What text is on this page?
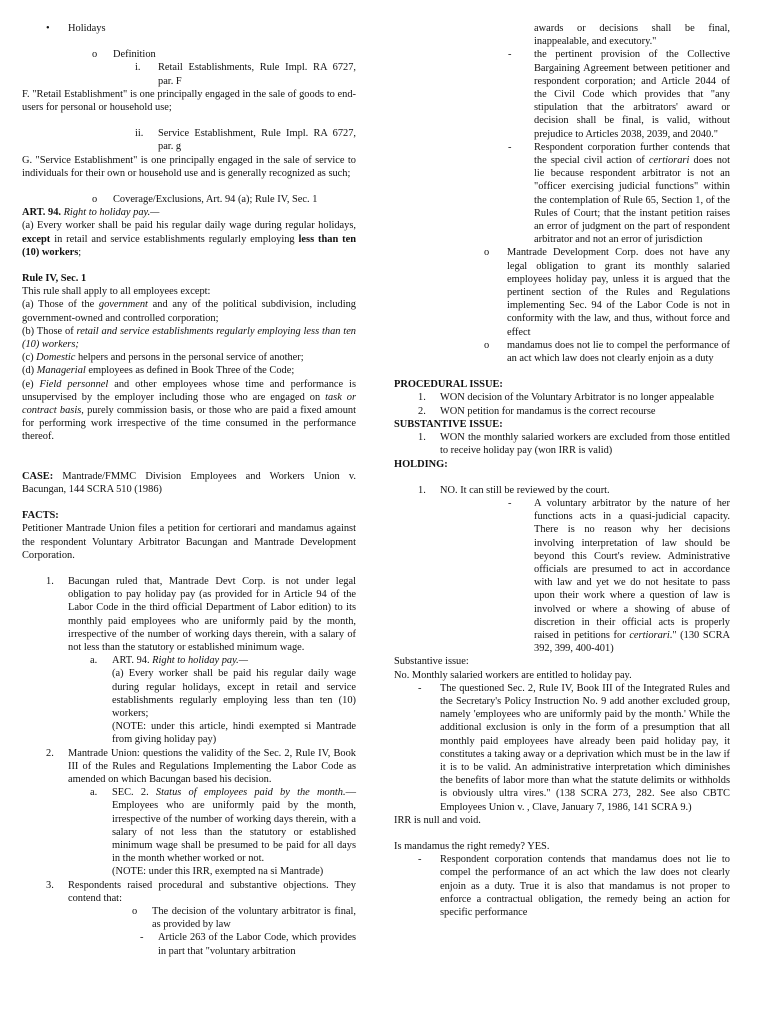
•	Holidays
o	Definition
i.	Retail Establishments, Rule Impl. RA 6727, par. F

F. "Retail Establishment" is one principally engaged in the sale of goods to end-users for personal or household use;

ii.	Service Establishment, Rule Impl. RA 6727, par. g

G. "Service Establishment" is one principally engaged in the sale of service to individuals for their own or household use and is generally recognized as such;

o	Coverage/Exclusions, Art. 94 (a); Rule IV, Sec. 1

ART. 94. Right to holiday pay.—
(a) Every worker shall be paid his regular daily wage during regular holidays, except in retail and service establishments regularly employing less than ten (10) workers;

Rule IV, Sec. 1

This rule shall apply to all employees except:

(a) Those of the government and any of the political subdivision, including government-owned and controlled corporation;

(b) Those of retail and service establishments regularly employing less than ten (10) workers;

(c) Domestic helpers and persons in the personal service of another;

(d) Managerial employees as defined in Book Three of the Code;

(e) Field personnel and other employees whose time and performance is unsupervised by the employer including those who are engaged on task or contract basis, purely commission basis, or those who are paid a fixed amount for performing work irrespective of the time consumed in the performance thereof.

CASE: Mantrade/FMMC Division Employees and Workers Union v. Bacungan, 144 SCRA 510 (1986)

FACTS:

Petitioner Mantrade Union files a petition for certiorari and mandamus against the respondent Voluntary Arbitrator Bacungan and Mantrade Development Corporation.

1.	Bacungan ruled that, Mantrade Devt Corp. is not under legal obligation to pay holiday pay (as provided for in Article 94 of the Labor Code in the third official Department of Labor edition) to its monthly paid employees who are uniformly paid by the month, irrespective of the number of working days therein, with a salary of not less than the statutory or established minimum wage.
a.	ART. 94. Right to holiday pay.—
(a) Every worker shall be paid his regular daily wage during regular holidays, except in retail and service establishments regularly employing less than ten (10) workers;
(NOTE: under this article, hindi exempted si Mantrade from giving holiday pay)
2.	Mantrade Union: questions the validity of the Sec. 2, Rule IV, Book III of the Rules and Regulations Implementing the Labor Code as amended on which Bacungan based his decision.
a.	SEC. 2. Status of employees paid by the month.— Employees who are uniformly paid by the month, irrespective of the number of working days therein, with a salary of not less than the statutory or established minimum wage shall be presumed to be paid for all days in the month whether worked or not.
(NOTE: under this IRR, exempted na si Mantrade)
3.	Respondents raised procedural and substantive objections. They contend that:
o	The decision of the voluntary arbitrator is final, as provided by law
-	Article 263 of the Labor Code, which provides in part that "voluntary arbitration
awards or decisions shall be final, inappealable, and executory."
-	the pertinent provision of the Collective Bargaining Agreement between petitioner and respondent corporation; and Article 2044 of the Civil Code which provides that "any stipulation that the arbitrators' award or decision shall be final, is valid, without prejudice to Articles 2038, 2039, and 2040."
-	Respondent corporation further contends that the special civil action of certiorari does not lie because respondent arbitrator is not an "officer exercising judicial functions" within the contemplation of Rule 65, Section 1, of the Rules of Court; that the instant petition raises an error of judgment on the part of respondent arbitrator and not an error of jurisdiction
o	Mantrade Development Corp. does not have any legal obligation to grant its monthly salaried employees holiday pay, unless it is argued that the pertinent section of the Rules and Regulations implementing Sec. 94 of the Labor Code is not in conformity with the law, and thus, without force and effect
o	mandamus does not lie to compel the performance of an act which law does not clearly enjoin as a duty

PROCEDURAL ISSUE:

1.	WON decision of the Voluntary Arbitrator is no longer appealable
2.	WON petition for mandamus is the correct recourse

SUBSTANTIVE ISSUE:

1.	WON the monthly salaried workers are excluded from those entitled to receive holiday pay (won IRR is valid)

HOLDING:

1.	NO. It can still be reviewed by the court.
-	A voluntary arbitrator by the nature of her functions acts in a quasi-judicial capacity. There is no reason why her decisions involving interpretation of law should be beyond this Court's review. Administrative officials are presumed to act in accordance with law and yet we do not hesitate to pass upon their work where a question of law is involved or where a showing of abuse of discretion in their official acts is properly raised in petitions for certiorari." (130 SCRA 392, 399, 400-401)

Substantive issue:

No. Monthly salaried workers are entitled to holiday pay.

-	The questioned Sec. 2, Rule IV, Book III of the Integrated Rules and the Secretary's Policy Instruction No. 9 add another excluded group, namely 'employees who are uniformly paid by the month.' While the additional exclusion is only in the form of a presumption that all monthly paid employees have already been paid holiday pay, it constitutes a taking away or a deprivation which must be in the law if it is to be valid. An administrative interpretation which diminishes the benefits of labor more than what the statute delimits or withholds is obviously ultra vires." (138 SCRA 273, 282. See also CBTC Employees Union v. , Clave, January 7, 1986, 141 SCRA 9.)

IRR is null and void.

Is mandamus the right remedy? YES.

-	Respondent corporation contends that mandamus does not lie to compel the performance of an act which the law does not clearly enjoin as a duty. True it is also that mandamus is not proper to enforce a contractual obligation, the remedy being an action for specific performance
